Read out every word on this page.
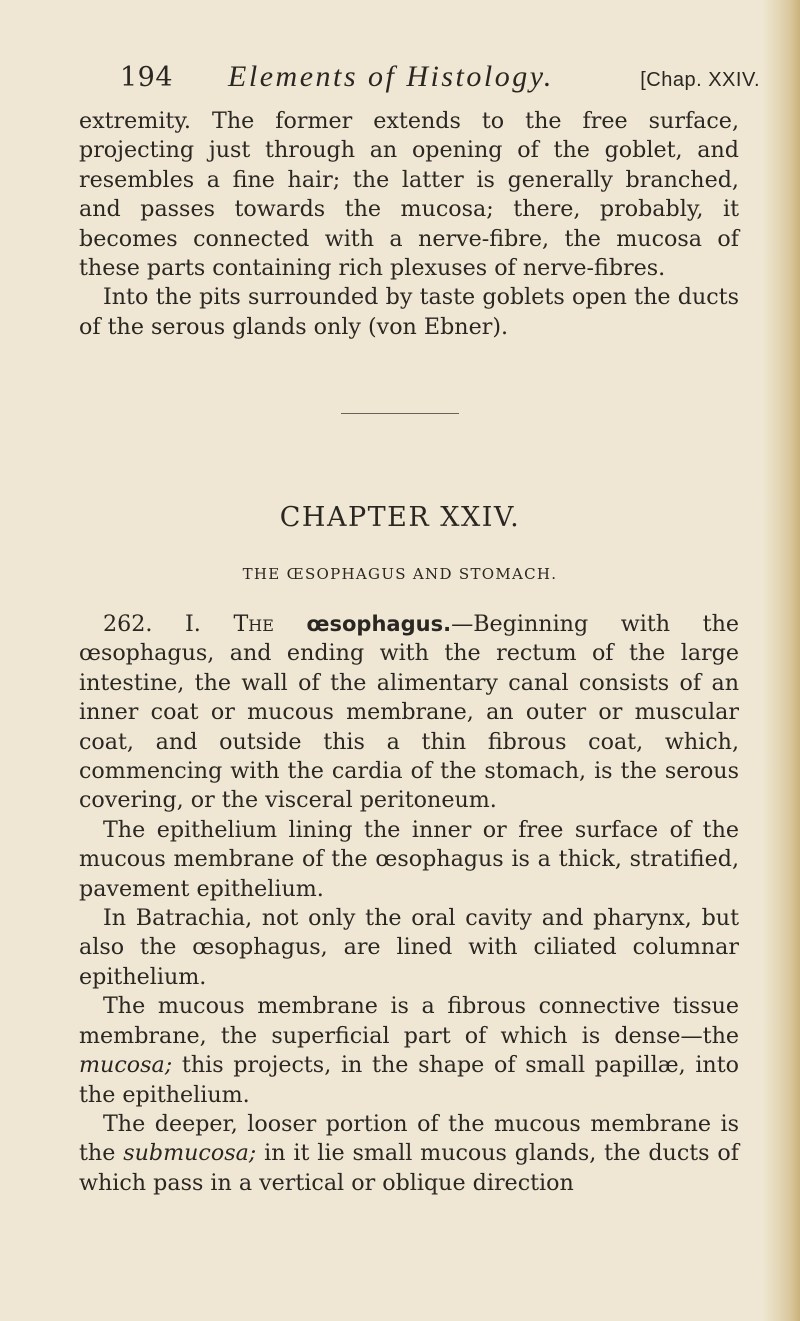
194 Elements of Histology.	[Chap. XXIV.

extremity. The former extends to the free surface, projecting just through an opening of the goblet, and resembles a fine hair; the latter is generally branched, and passes towards the mucosa; there, probably, it becomes connected with a nerve-fibre, the mucosa of these parts containing rich plexuses of nerve-fibres.

Into the pits surrounded by taste goblets open the ducts of the serous glands only (von Ebner).

CHAPTER XXIV.
THE ŒSOPHAGUS AND STOMACH.

262. I. The œsophagus.—Beginning with the œsophagus, and ending with the rectum of the large intestine, the wall of the alimentary canal consists of an inner coat or mucous membrane, an outer or muscular coat, and outside this a thin fibrous coat, which, commencing with the cardia of the stomach, is the serous covering, or the visceral peritoneum.

The epithelium lining the inner or free surface of the mucous membrane of the œsophagus is a thick, stratified, pavement epithelium.

In Batrachia, not only the oral cavity and pharynx, but also the œsophagus, are lined with ciliated columnar epithelium.

The mucous membrane is a fibrous connective tissue membrane, the superficial part of which is dense—the mucosa; this projects, in the shape of small papillæ, into the epithelium.

The deeper, looser portion of the mucous membrane is the submucosa; in it lie small mucous glands, the ducts of which pass in a vertical or oblique direction
